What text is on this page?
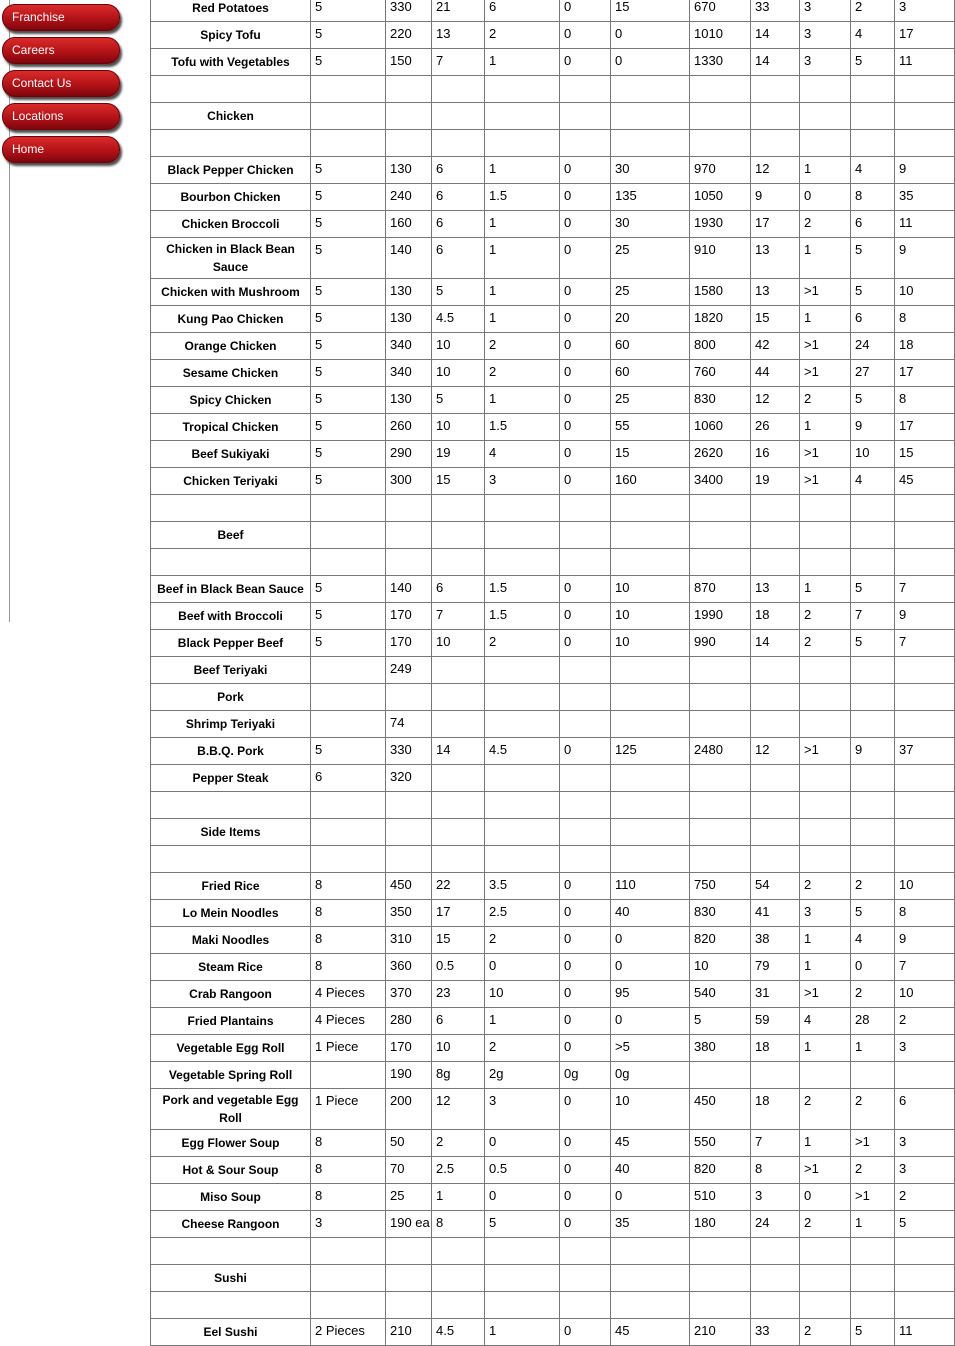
Franchise
Careers
Contact Us
Locations
Home
Red Potatoes	5	330	21	6	0	15	670	33	3	2	3
Spicy Tofu	5	220	13	2	0	0	1010	14	3	4	17
Tofu with Vegetables	5	150	7	1	0	0	1330	14	3	5	11

Chicken											

Black Pepper Chicken	5	130	6	1	0	30	970	12	1	4	9
Bourbon Chicken	5	240	6	1.5	0	135	1050	9	0	8	35
Chicken Broccoli	5	160	6	1	0	30	1930	17	2	6	11
Chicken in Black Bean Sauce	5	140	6	1	0	25	910	13	1	5	9
Chicken with Mushroom	5	130	5	1	0	25	1580	13	>1	5	10
Kung Pao Chicken	5	130	4.5	1	0	20	1820	15	1	6	8
Orange Chicken	5	340	10	2	0	60	800	42	>1	24	18
Sesame Chicken	5	340	10	2	0	60	760	44	>1	27	17
Spicy Chicken	5	130	5	1	0	25	830	12	2	5	8
Tropical Chicken	5	260	10	1.5	0	55	1060	26	1	9	17
Beef Sukiyaki	5	290	19	4	0	15	2620	16	>1	10	15
Chicken Teriyaki	5	300	15	3	0	160	3400	19	>1	4	45

Beef											

Beef in Black Bean Sauce	5	140	6	1.5	0	10	870	13	1	5	7
Beef with Broccoli	5	170	7	1.5	0	10	1990	18	2	7	9
Black Pepper Beef	5	170	10	2	0	10	990	14	2	5	7
Beef Teriyaki		249									
Pork											
Shrimp Teriyaki		74									
B.B.Q. Pork	5	330	14	4.5	0	125	2480	12	>1	9	37
Pepper Steak	6	320									

Side Items											

Fried Rice	8	450	22	3.5	0	110	750	54	2	2	10
Lo Mein Noodles	8	350	17	2.5	0	40	830	41	3	5	8
Maki Noodles	8	310	15	2	0	0	820	38	1	4	9
Steam Rice	8	360	0.5	0	0	0	10	79	1	0	7
Crab Rangoon	4 Pieces	370	23	10	0	95	540	31	>1	2	10
Fried Plantains	4 Pieces	280	6	1	0	0	5	59	4	28	2
Vegetable Egg Roll	1 Piece	170	10	2	0	>5	380	18	1	1	3
Vegetable Spring Roll		190	8g	2g	0g	0g					
Pork and vegetable Egg Roll	1 Piece	200	12	3	0	10	450	18	2	2	6
Egg Flower Soup	8	50	2	0	0	45	550	7	1	>1	3
Hot & Sour Soup	8	70	2.5	0.5	0	40	820	8	>1	2	3
Miso Soup	8	25	1	0	0	0	510	3	0	>1	2
Cheese Rangoon	3	190 ea	8	5	0	35	180	24	2	1	5

Sushi											

Eel Sushi	2 Pieces	210	4.5	1	0	45	210	33	2	5	11
